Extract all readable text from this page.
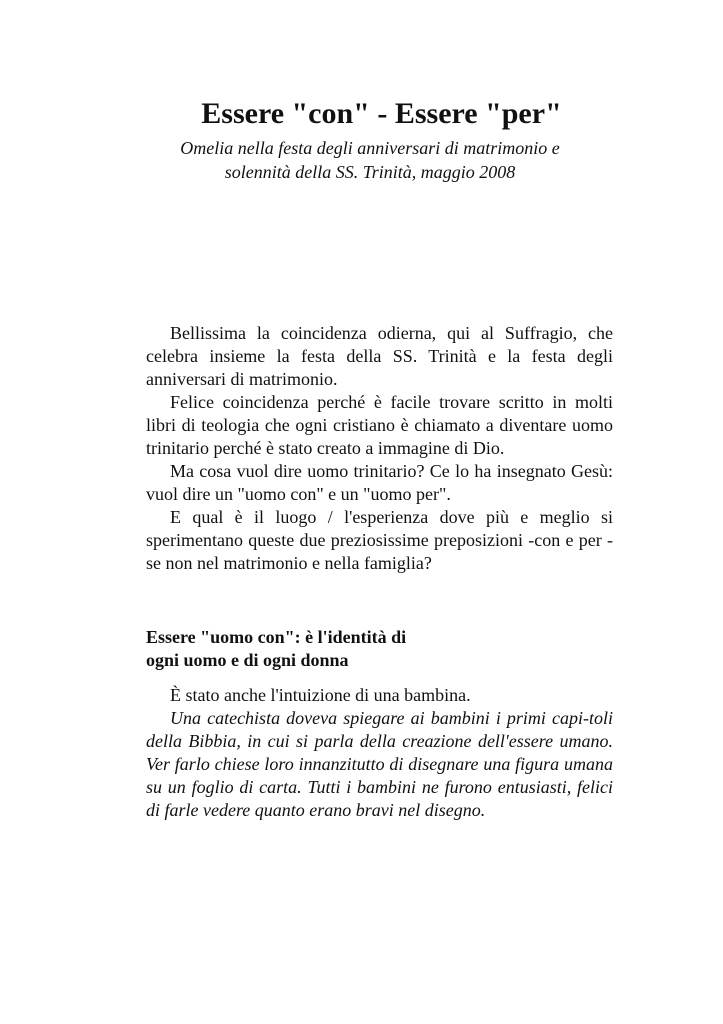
Essere "con" - Essere "per"
Omelia nella festa degli anniversari di matrimonio e
solennità della SS. Trinità, maggio 2008

Bellissima la coincidenza odierna, qui al Suffragio, che celebra insieme la festa della SS. Trinità e la festa degli anniversari di matrimonio.

Felice coincidenza perché è facile trovare scritto in molti libri di teologia che ogni cristiano è chiamato a diventare uomo trinitario perché è stato creato a immagine di Dio.

Ma cosa vuol dire uomo trinitario? Ce lo ha insegnato Gesù: vuol dire un "uomo con" e un "uomo per".

E qual è il luogo / l'esperienza dove più e meglio si sperimentano queste due preziosissime preposizioni -con e per - se non nel matrimonio e nella famiglia?

Essere "uomo con": è l'identità di
ogni uomo e di ogni donna

È stato anche l'intuizione di una bambina.

Una catechista doveva spiegare ai bambini i primi capi-toli della Bibbia, in cui si parla della creazione dell'essere umano. Ver farlo chiese loro innanzitutto di disegnare una figura umana su un foglio di carta. Tutti i bambini ne furono entusiasti, felici di farle vedere quanto erano bravi nel disegno.
